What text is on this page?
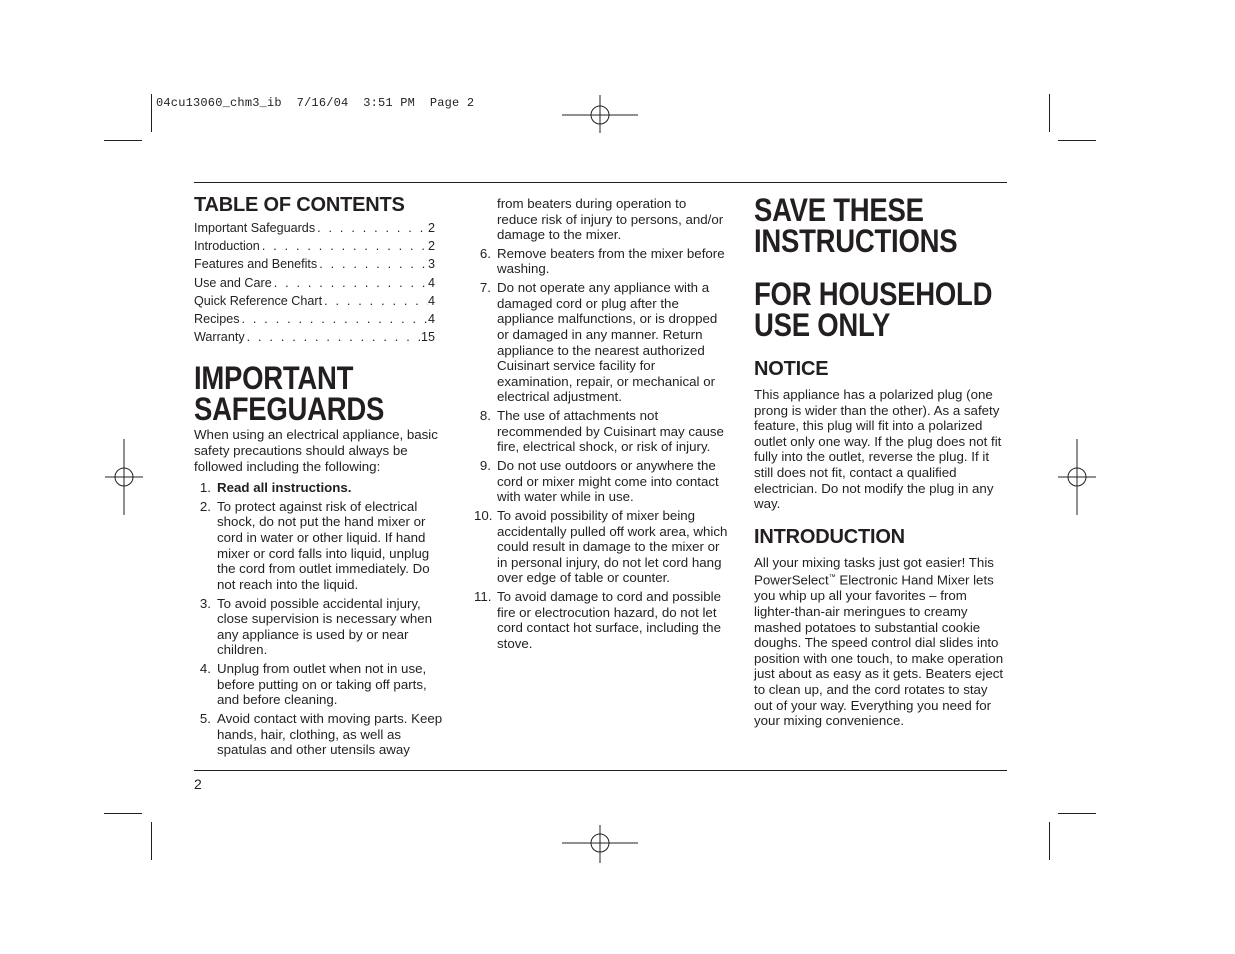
04cu13060_chm3_ib  7/16/04  3:51 PM  Page 2
TABLE OF CONTENTS
Important Safeguards . . .	2
Introduction . . .	2
Features and Benefits . . .	3
Use and Care . . .	4
Quick Reference Chart . . .	4
Recipes . . .	4
Warranty . . .	15
IMPORTANT
SAFEGUARDS

When using an electrical appliance, basic safety precautions should always be followed including the following:

1. Read all instructions.
2. To protect against risk of electrical shock, do not put the hand mixer or cord in water or other liquid. If hand mixer or cord falls into liquid, unplug the cord from outlet immediately. Do not reach into the liquid.
3. To avoid possible accidental injury, close supervision is necessary when any appliance is used by or near children.
4. Unplug from outlet when not in use, before putting on or taking off parts, and before cleaning.
5. Avoid contact with moving parts. Keep hands, hair, clothing, as well as spatulas and other utensils away

from beaters during operation to reduce risk of injury to persons, and/or damage to the mixer.

6. Remove beaters from the mixer before washing.
7. Do not operate any appliance with a damaged cord or plug after the appliance malfunctions, or is dropped or damaged in any manner. Return appliance to the nearest authorized Cuisinart service facility for examination, repair, or mechanical or electrical adjustment.
8. The use of attachments not recommended by Cuisinart may cause fire, electrical shock, or risk of injury.
9. Do not use outdoors or anywhere the cord or mixer might come into contact with water while in use.
10. To avoid possibility of mixer being accidentally pulled off work area, which could result in damage to the mixer or in personal injury, do not let cord hang over edge of table or counter.
11. To avoid damage to cord and possible fire or electrocution hazard, do not let cord contact hot surface, including the stove.
SAVE THESE
INSTRUCTIONS
FOR HOUSEHOLD
USE ONLY
NOTICE

This appliance has a polarized plug (one prong is wider than the other). As a safety feature, this plug will fit into a polarized outlet only one way. If the plug does not fit fully into the outlet, reverse the plug. If it still does not fit, contact a qualified electrician. Do not modify the plug in any way.

INTRODUCTION

All your mixing tasks just got easier! This PowerSelect™ Electronic Hand Mixer lets you whip up all your favorites – from lighter-than-air meringues to creamy mashed potatoes to substantial cookie doughs. The speed control dial slides into position with one touch, to make operation just about as easy as it gets. Beaters eject to clean up, and the cord rotates to stay out of your way. Everything you need for your mixing convenience.

2
